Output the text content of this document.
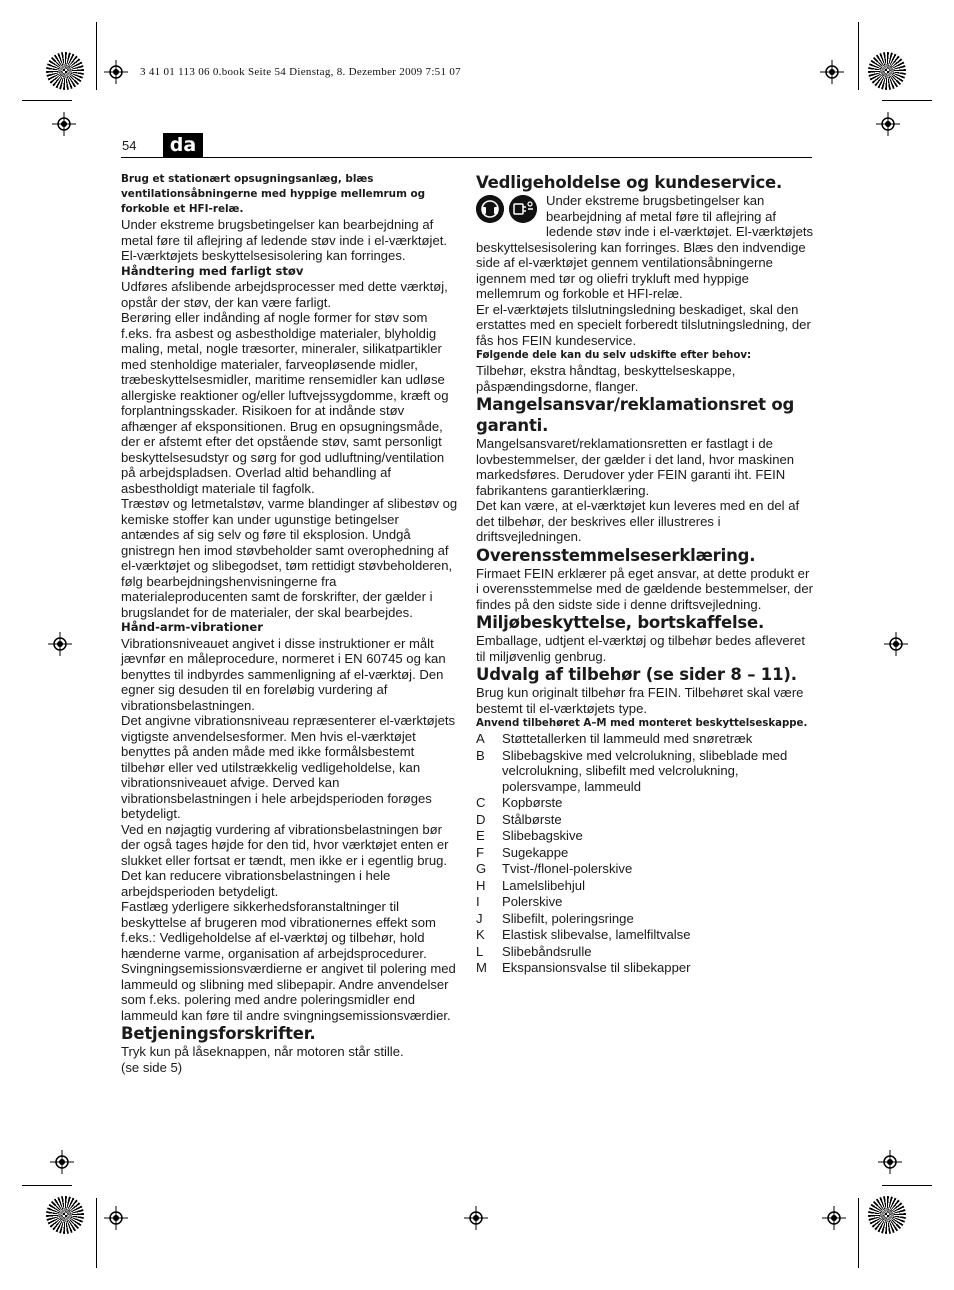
3 41 01 113 06 0.book Seite 54 Dienstag, 8. Dezember 2009 7:51 07
54	da

Brug et stationært opsugningsanlæg, blæs ventilationsåbningerne med hyppige mellemrum og forkoble et HFI-relæ.

Under ekstreme brugsbetingelser kan bearbejdning af metal føre til aflejring af ledende støv inde i el-værktøjet. El-værktøjets beskyttelsesisolering kan forringes.

Håndtering med farligt støv

Udføres afslibende arbejdsprocesser med dette værktøj, opstår der støv, der kan være farligt.

Berøring eller indånding af nogle former for støv som f.eks. fra asbest og asbestholdige materialer, blyholdig maling, metal, nogle træsorter, mineraler, silikatpartikler med stenholdige materialer, farveopløsende midler, træbeskyttelsesmidler, maritime rensemidler kan udløse allergiske reaktioner og/eller luftvejssygdomme, kræft og forplantningsskader. Risikoen for at indånde støv afhænger af eksponsitionen. Brug en opsugningsmåde, der er afstemt efter det opstående støv, samt personligt beskyttelsesudstyr og sørg for god udluftning/ventilation på arbejdspladsen. Overlad altid behandling af asbestholdigt materiale til fagfolk.

Træstøv og letmetalstøv, varme blandinger af slibestøv og kemiske stoffer kan under ugunstige betingelser antændes af sig selv og føre til eksplosion. Undgå gnistregn hen imod støvbeholder samt overophedning af el-værktøjet og slibegodset, tøm rettidigt støvbeholderen, følg bearbejdningshenvisningerne fra materialeproducenten samt de forskrifter, der gælder i brugslandet for de materialer, der skal bearbejdes.

Hånd-arm-vibrationer

Vibrationsniveauet angivet i disse instruktioner er målt jævnfør en måleprocedure, normeret i EN 60745 og kan benyttes til indbyrdes sammenligning af el-værktøj. Den egner sig desuden til en foreløbig vurdering af vibrationsbelastningen.

Det angivne vibrationsniveau repræsenterer el-værktøjets vigtigste anvendelsesformer. Men hvis el-værktøjet benyttes på anden måde med ikke formålsbestemt tilbehør eller ved utilstrækkelig vedligeholdelse, kan vibrationsniveauet afvige. Derved kan vibrationsbelastningen i hele arbejdsperioden forøges betydeligt.

Ved en nøjagtig vurdering af vibrationsbelastningen bør der også tages højde for den tid, hvor værktøjet enten er slukket eller fortsat er tændt, men ikke er i egentlig brug. Det kan reducere vibrationsbelastningen i hele arbejdsperioden betydeligt.

Fastlæg yderligere sikkerhedsforanstaltninger til beskyttelse af brugeren mod vibrationernes effekt som f.eks.: Vedligeholdelse af el-værktøj og tilbehør, hold hænderne varme, organisation af arbejdsprocedurer.

Svingningsemissionsværdierne er angivet til polering med lammeuld og slibning med slibepapir. Andre anvendelser som f.eks. polering med andre poleringsmidler end lammeuld kan føre til andre svingningsemissionsværdier.

Betjeningsforskrifter.

Tryk kun på låseknappen, når motoren står stille.

(se side 5)

Vedligeholdelse og kundeservice.

Under ekstreme brugsbetingelser kan bearbejdning af metal føre til aflejring af ledende støv inde i el-værktøjet. El-værktøjets beskyttelsesisolering kan forringes. Blæs den indvendige side af el-værktøjet gennem ventilationsåbningerne igennem med tør og oliefri trykluft med hyppige mellemrum og forkoble et HFI-relæ.

Er el-værktøjets tilslutningsledning beskadiget, skal den erstattes med en specielt forberedt tilslutningsledning, der fås hos FEIN kundeservice.

Følgende dele kan du selv udskifte efter behov:

Tilbehør, ekstra håndtag, beskyttelseskappe, påspændingsdorne, flanger.

Mangelsansvar/reklamationsret og garanti.

Mangelsansvaret/reklamationsretten er fastlagt i de lovbestemmelser, der gælder i det land, hvor maskinen markedsføres. Derudover yder FEIN garanti iht. FEIN fabrikantens garantierklæring.

Det kan være, at el-værktøjet kun leveres med en del af det tilbehør, der beskrives eller illustreres i driftsvejledningen.

Overensstemmelseserklæring.

Firmaet FEIN erklærer på eget ansvar, at dette produkt er i overensstemmelse med de gældende bestemmelser, der findes på den sidste side i denne driftsvejledning.

Miljøbeskyttelse, bortskaffelse.

Emballage, udtjent el-værktøj og tilbehør bedes afleveret til miljøvenlig genbrug.

Udvalg af tilbehør (se sider 8 – 11).

Brug kun originalt tilbehør fra FEIN. Tilbehøret skal være bestemt til el-værktøjets type.

Anvend tilbehøret A–M med monteret beskyttelseskappe.

A	Støttetallerken til lammeuld med snøretræk
B	Slibebagskive med velcrolukning, slibeblade med velcrolukning, slibefilt med velcrolukning, polersvampe, lammeuld
C	Kopbørste
D	Stålbørste
E	Slibebagskive
F	Sugekappe
G	Tvist-/flonel-polerskive
H	Lamelslibehjul
I	Polerskive
J	Slibefilt, poleringsringe
K	Elastisk slibevalse, lamelfiltvalse
L	Slibebåndsrulle
M	Ekspansionsvalse til slibekapper
